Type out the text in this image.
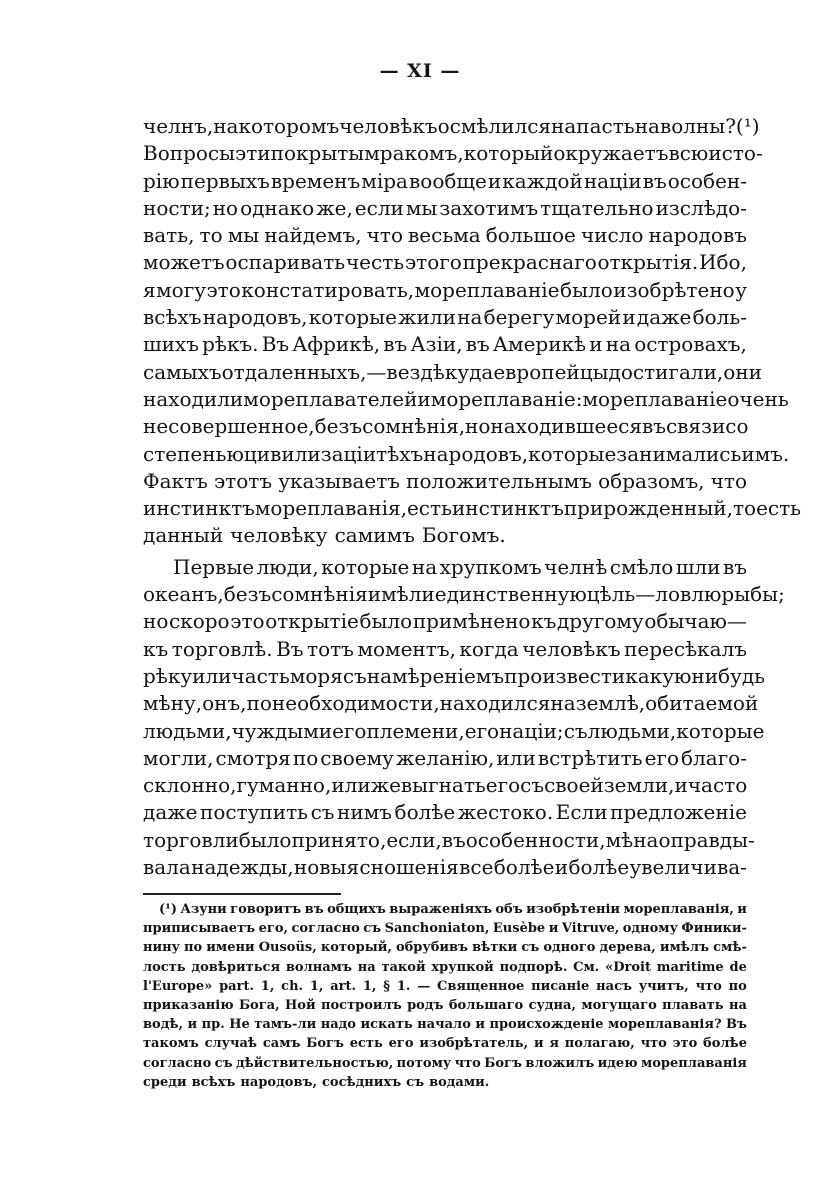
— XI —
челнъ, на которомъ человѣкъ осмѣлился напасть на волны?(¹)
Вопросы эти покрыты мракомъ, который окружаетъ всю исто-
рію первыхъ временъ міра вообще и каждой націи въ особен-
ности; но однако же, если мы захотимъ тщательно изслѣдо-
вать, то мы найдемъ, что весьма большое число народовъ
можетъ оспаривать честь этого прекраснаго открытія. Ибо,
я могу это констатировать, мореплаваніе было изобрѣтено у
всѣхъ народовъ, которые жили на берегу морей и даже боль-
шихъ рѣкъ. Въ Африкѣ, въ Азіи, въ Америкѣ и на островахъ,
самыхъ отдаленныхъ,—вездѣ куда европейцы достигали, они
находили мореплавателей и мореплаваніе: мореплаваніе очень
несовершенное, безъ сомнѣнія, но находившееся въ связи со
степенью цивилизаціи тѣхъ народовъ, которые занимались имъ.
Фактъ этотъ указываетъ положительнымъ образомъ, что
инстинктъ мореплаванія, есть инстинктъ прирожденный, то есть
данный человѣку самимъ Богомъ.
Первые люди, которые на хрупкомъ челнѣ смѣло шли въ
океанъ, безъ сомнѣнія имѣли единственную цѣль—ловлю рыбы;
но скоро это открытіе было примѣнено къ другому обычаю—
къ торговлѣ. Въ тотъ моментъ, когда человѣкъ пересѣкалъ
рѣку или часть моря съ намѣреніемъ произвести какую нибудь
мѣну, онъ, по необходимости, находился на землѣ, обитаемой
людьми, чуждыми его племени, его націи; съ людьми, которые
могли, смотря по своему желанію, или встрѣтить его благо-
склонно, гуманно, или же выгнать его съ своей земли, и часто
даже поступить съ нимъ болѣе жестоко. Если предложеніе
торговли было принято, если, въ особенности, мѣна оправды-
вала надежды, новыя сношенія все болѣе и болѣе увеличива-
(¹) Азуни говоритъ въ общихъ выраженіяхъ объ изобрѣтеніи мореплаванія, и
приписываетъ его, согласно съ Sanchoniaton, Eusèbe и Vitruve, одному Финики-
нину по имени Ousoüs, который, обрубивъ вѣтки съ одного дерева, имѣлъ смѣ-
лость довѣриться волнамъ на такой хрупкой подпорѣ. См. «Droit maritime de
l'Europe» part. 1, ch. 1, art. 1, § 1. — Священное писаніе насъ учитъ, что по
приказанію Бога, Ной построилъ родъ большаго судна, могущаго плавать на
водѣ, и пр. Не тамъ-ли надо искать начало и происхожденіе мореплаванія? Въ
такомъ случаѣ самъ Богъ есть его изобрѣтатель, и я полагаю, что это болѣе
согласно съ дѣйствительностью, потому что Богъ вложилъ идею мореплаванія
среди всѣхъ народовъ, сосѣднихъ съ водами.
